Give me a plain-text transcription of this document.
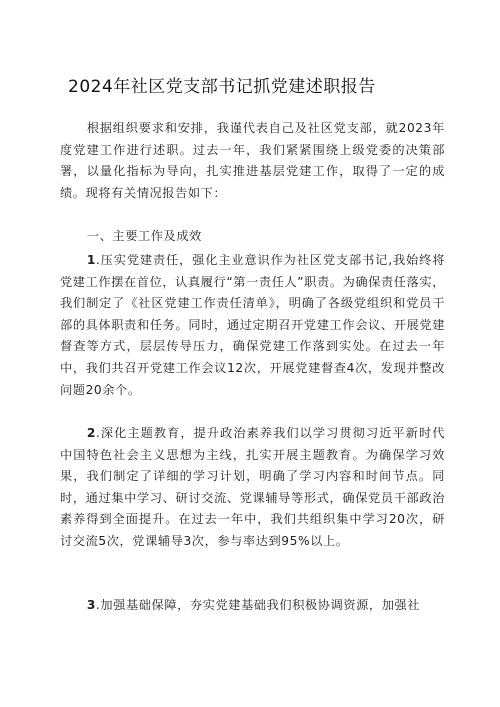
2024年社区党支部书记抓党建述职报告

根据组织要求和安排，我谨代表自己及社区党支部，就2023年度党建工作进行述职。过去一年，我们紧紧围绕上级党委的决策部署，以量化指标为导向，扎实推进基层党建工作，取得了一定的成绩。现将有关情况报告如下：

一、主要工作及成效

1.压实党建责任，强化主业意识作为社区党支部书记,我始终将党建工作摆在首位，认真履行“第一责任人”职责。为确保责任落实，我们制定了《社区党建工作责任清单》，明确了各级党组织和党员干部的具体职责和任务。同时，通过定期召开党建工作会议、开展党建督查等方式，层层传导压力，确保党建工作落到实处。在过去一年中，我们共召开党建工作会议12次，开展党建督查4次，发现并整改问题20余个。

2.深化主题教育，提升政治素养我们以学习贯彻习近平新时代中国特色社会主义思想为主线，扎实开展主题教育。为确保学习效果，我们制定了详细的学习计划，明确了学习内容和时间节点。同时，通过集中学习、研讨交流、党课辅导等形式，确保党员干部政治素养得到全面提升。在过去一年中，我们共组织集中学习20次，研讨交流5次，党课辅导3次，参与率达到95%以上。

3.加强基础保障，夯实党建基础我们积极协调资源，加强社
